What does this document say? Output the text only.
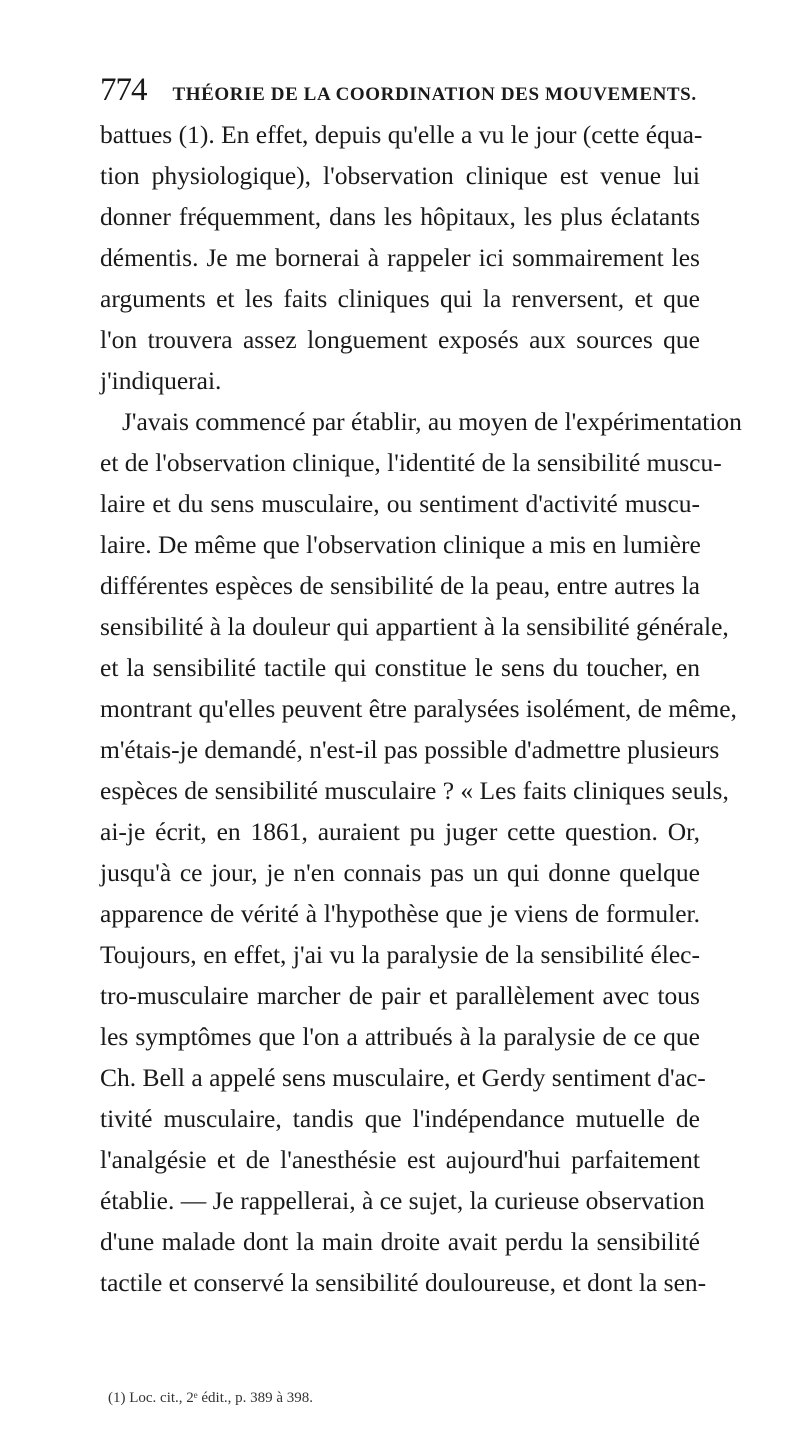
774 THÉORIE DE LA COORDINATION DES MOUVEMENTS.
battues (1). En effet, depuis qu'elle a vu le jour (cette équa-
tion physiologique), l'observation clinique est venue lui
donner fréquemment, dans les hôpitaux, les plus éclatants
démentis. Je me bornerai à rappeler ici sommairement les
arguments et les faits cliniques qui la renversent, et que
l'on trouvera assez longuement exposés aux sources que
j'indiquerai.
J'avais commencé par établir, au moyen de l'expérimentation
et de l'observation clinique, l'identité de la sensibilité muscu-
laire et du sens musculaire, ou sentiment d'activité muscu-
laire. De même que l'observation clinique a mis en lumière
différentes espèces de sensibilité de la peau, entre autres la
sensibilité à la douleur qui appartient à la sensibilité générale,
et la sensibilité tactile qui constitue le sens du toucher, en
montrant qu'elles peuvent être paralysées isolément, de même,
m'étais-je demandé, n'est-il pas possible d'admettre plusieurs
espèces de sensibilité musculaire ? « Les faits cliniques seuls,
ai-je écrit, en 1861, auraient pu juger cette question. Or,
jusqu'à ce jour, je n'en connais pas un qui donne quelque
apparence de vérité à l'hypothèse que je viens de formuler.
Toujours, en effet, j'ai vu la paralysie de la sensibilité élec-
tro-musculaire marcher de pair et parallèlement avec tous
les symptômes que l'on a attribués à la paralysie de ce que
Ch. Bell a appelé sens musculaire, et Gerdy sentiment d'ac-
tivité musculaire, tandis que l'indépendance mutuelle de
l'analgésie et de l'anesthésie est aujourd'hui parfaitement
établie. — Je rappellerai, à ce sujet, la curieuse observation
d'une malade dont la main droite avait perdu la sensibilité
tactile et conservé la sensibilité douloureuse, et dont la sen-
(1) Loc. cit., 2ᵉ édit., p. 389 à 398.
